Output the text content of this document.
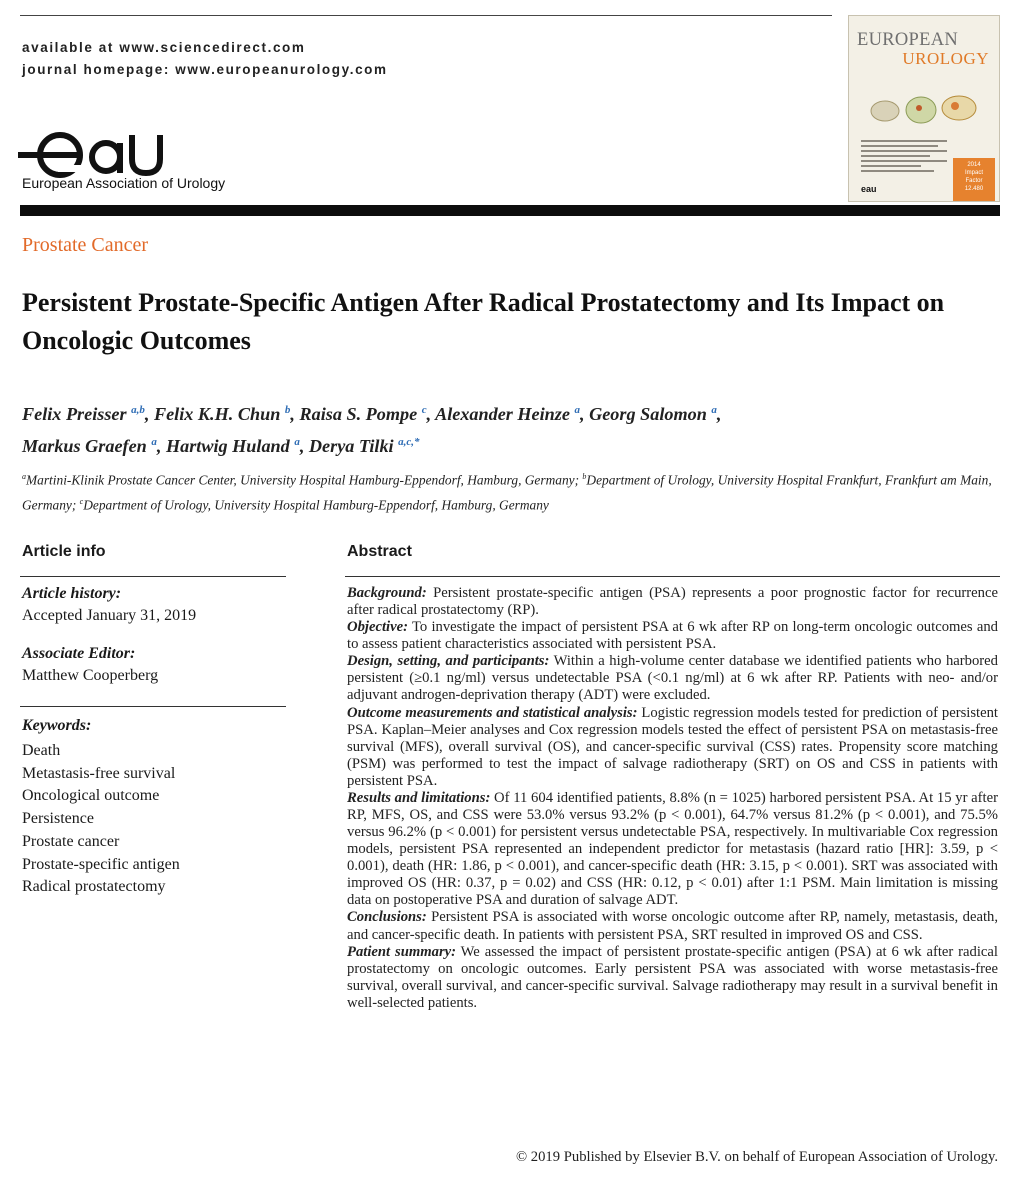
available at www.sciencedirect.com
journal homepage: www.europeanurology.com
European Association of Urology
EUROPEAN
UROLOGY
2014
Impact
Factor
12.480
eau
Prostate Cancer
Persistent Prostate-Specific Antigen After Radical Prostatectomy and Its Impact on Oncologic Outcomes
Felix Preisser $^{a,b}$, Felix K.H. Chun $^b$, Raisa S. Pompe $^c$, Alexander Heinze $^a$, Georg Salomon $^a$,
Markus Graefen $^a$, Hartwig Huland $^a$, Derya Tilki $^{a,c,*}$
$^a$Martini-Klinik Prostate Cancer Center, University Hospital Hamburg-Eppendorf, Hamburg, Germany; $^b$Department of Urology, University Hospital Frankfurt, Frankfurt am Main, Germany; $^c$Department of Urology, University Hospital Hamburg-Eppendorf, Hamburg, Germany
Article info
Article history:
Accepted January 31, 2019
Associate Editor:
Matthew Cooperberg
Keywords:
Death
Metastasis-free survival
Oncological outcome
Persistence
Prostate cancer
Prostate-specific antigen
Radical prostatectomy
Abstract

Background: Persistent prostate-specific antigen (PSA) represents a poor prognostic factor for recurrence after radical prostatectomy (RP).

Objective: To investigate the impact of persistent PSA at 6 wk after RP on long-term oncologic outcomes and to assess patient characteristics associated with persistent PSA.

Design, setting, and participants: Within a high-volume center database we identified patients who harbored persistent (≥0.1 ng/ml) versus undetectable PSA (<0.1 ng/ml) at 6 wk after RP. Patients with neo- and/or adjuvant androgen-deprivation therapy (ADT) were excluded.

Outcome measurements and statistical analysis: Logistic regression models tested for prediction of persistent PSA. Kaplan–Meier analyses and Cox regression models tested the effect of persistent PSA on metastasis-free survival (MFS), overall survival (OS), and cancer-specific survival (CSS) rates. Propensity score matching (PSM) was performed to test the impact of salvage radiotherapy (SRT) on OS and CSS in patients with persistent PSA.

Results and limitations: Of 11 604 identified patients, 8.8% (n = 1025) harbored persistent PSA. At 15 yr after RP, MFS, OS, and CSS were 53.0% versus 93.2% (p < 0.001), 64.7% versus 81.2% (p < 0.001), and 75.5% versus 96.2% (p < 0.001) for persistent versus undetectable PSA, respectively. In multivariable Cox regression models, persistent PSA represented an independent predictor for metastasis (hazard ratio [HR]: 3.59, p < 0.001), death (HR: 1.86, p < 0.001), and cancer-specific death (HR: 3.15, p < 0.001). SRT was associated with improved OS (HR: 0.37, p = 0.02) and CSS (HR: 0.12, p < 0.01) after 1:1 PSM. Main limitation is missing data on postoperative PSA and duration of salvage ADT.

Conclusions: Persistent PSA is associated with worse oncologic outcome after RP, namely, metastasis, death, and cancer-specific death. In patients with persistent PSA, SRT resulted in improved OS and CSS.

Patient summary: We assessed the impact of persistent prostate-specific antigen (PSA) at 6 wk after radical prostatectomy on oncologic outcomes. Early persistent PSA was associated with worse metastasis-free survival, overall survival, and cancer-specific survival. Salvage radiotherapy may result in a survival benefit in well-selected patients.

© 2019 Published by Elsevier B.V. on behalf of European Association of Urology.
